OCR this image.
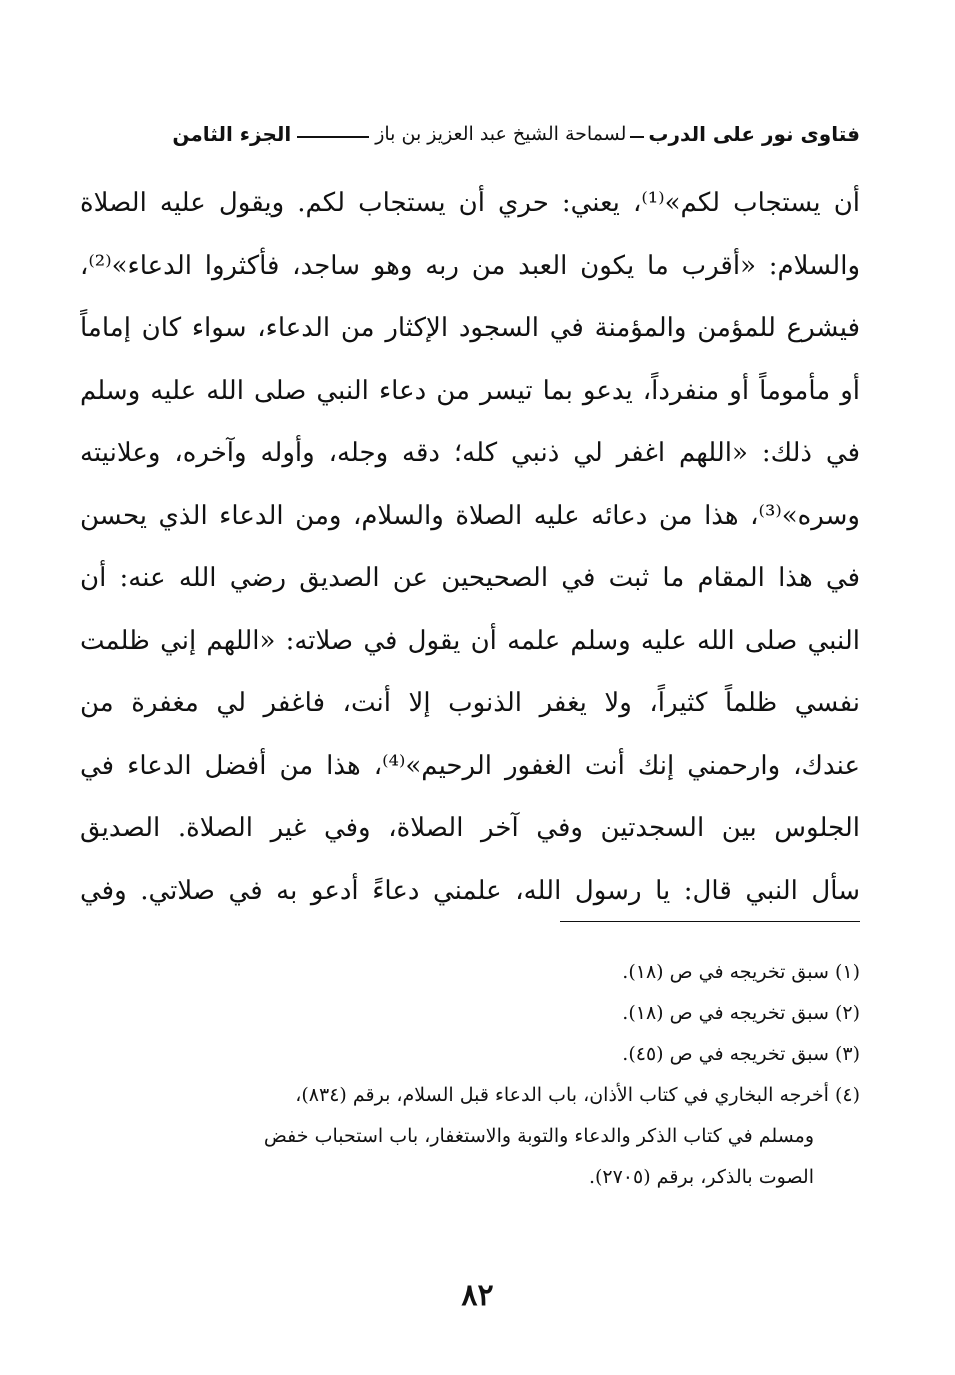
فتاوى نور على الدرب
لسماحة الشيخ عبد العزيز بن باز
الجزء الثامن
أن يستجاب لكم»⁽¹⁾، يعني: حري أن يستجاب لكم. ويقول عليه الصلاة
والسلام: «أقرب ما يكون العبد من ربه وهو ساجد، فأكثروا الدعاء»⁽²⁾،
فيشرع للمؤمن والمؤمنة في السجود الإكثار من الدعاء، سواء كان إماماً
أو مأموماً أو منفرداً، يدعو بما تيسر من دعاء النبي صلى الله عليه وسلم
في ذلك: «اللهم اغفر لي ذنبي كله؛ دقه وجله، وأوله وآخره، وعلانيته
وسره»⁽³⁾، هذا من دعائه عليه الصلاة والسلام، ومن الدعاء الذي يحسن
في هذا المقام ما ثبت في الصحيحين عن الصديق رضي الله عنه: أن
النبي صلى الله عليه وسلم علمه أن يقول في صلاته: «اللهم إني ظلمت
نفسي ظلماً كثيراً، ولا يغفر الذنوب إلا أنت، فاغفر لي مغفرة من
عندك، وارحمني إنك أنت الغفور الرحيم»⁽⁴⁾، هذا من أفضل الدعاء في
الجلوس بين السجدتين وفي آخر الصلاة، وفي غير الصلاة. الصديق
سأل النبي قال: يا رسول الله، علمني دعاءً أدعو به في صلاتي. وفي
(١) سبق تخريجه في ص (١٨).
(٢) سبق تخريجه في ص (١٨).
(٣) سبق تخريجه في ص (٤٥).
(٤) أخرجه البخاري في كتاب الأذان، باب الدعاء قبل السلام، برقم (٨٣٤)،
ومسلم في كتاب الذكر والدعاء والتوبة والاستغفار، باب استحباب خفض
الصوت بالذكر، برقم (٢٧٠٥).
٨٢
